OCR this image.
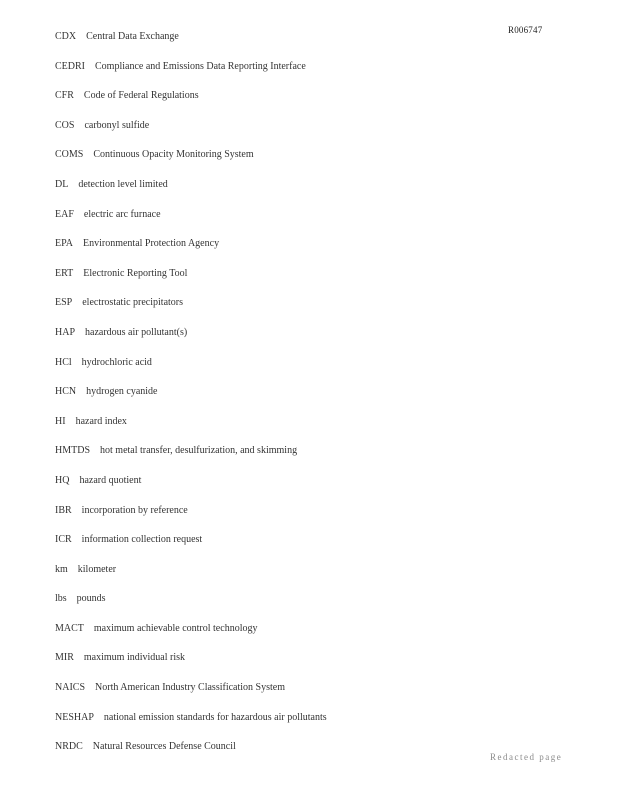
R006747
CDX Central Data Exchange
CEDRI Compliance and Emissions Data Reporting Interface
CFR Code of Federal Regulations
COS carbonyl sulfide
COMS Continuous Opacity Monitoring System
DL detection level limited
EAF electric arc furnace
EPA Environmental Protection Agency
ERT Electronic Reporting Tool
ESP electrostatic precipitators
HAP hazardous air pollutant(s)
HCl hydrochloric acid
HCN hydrogen cyanide
HI hazard index
HMTDS hot metal transfer, desulfurization, and skimming
HQ hazard quotient
IBR incorporation by reference
ICR information collection request
km kilometer
lbs pounds
MACT maximum achievable control technology
MIR maximum individual risk
NAICS North American Industry Classification System
NESHAP national emission standards for hazardous air pollutants
NRDC Natural Resources Defense Council
Redacted page
